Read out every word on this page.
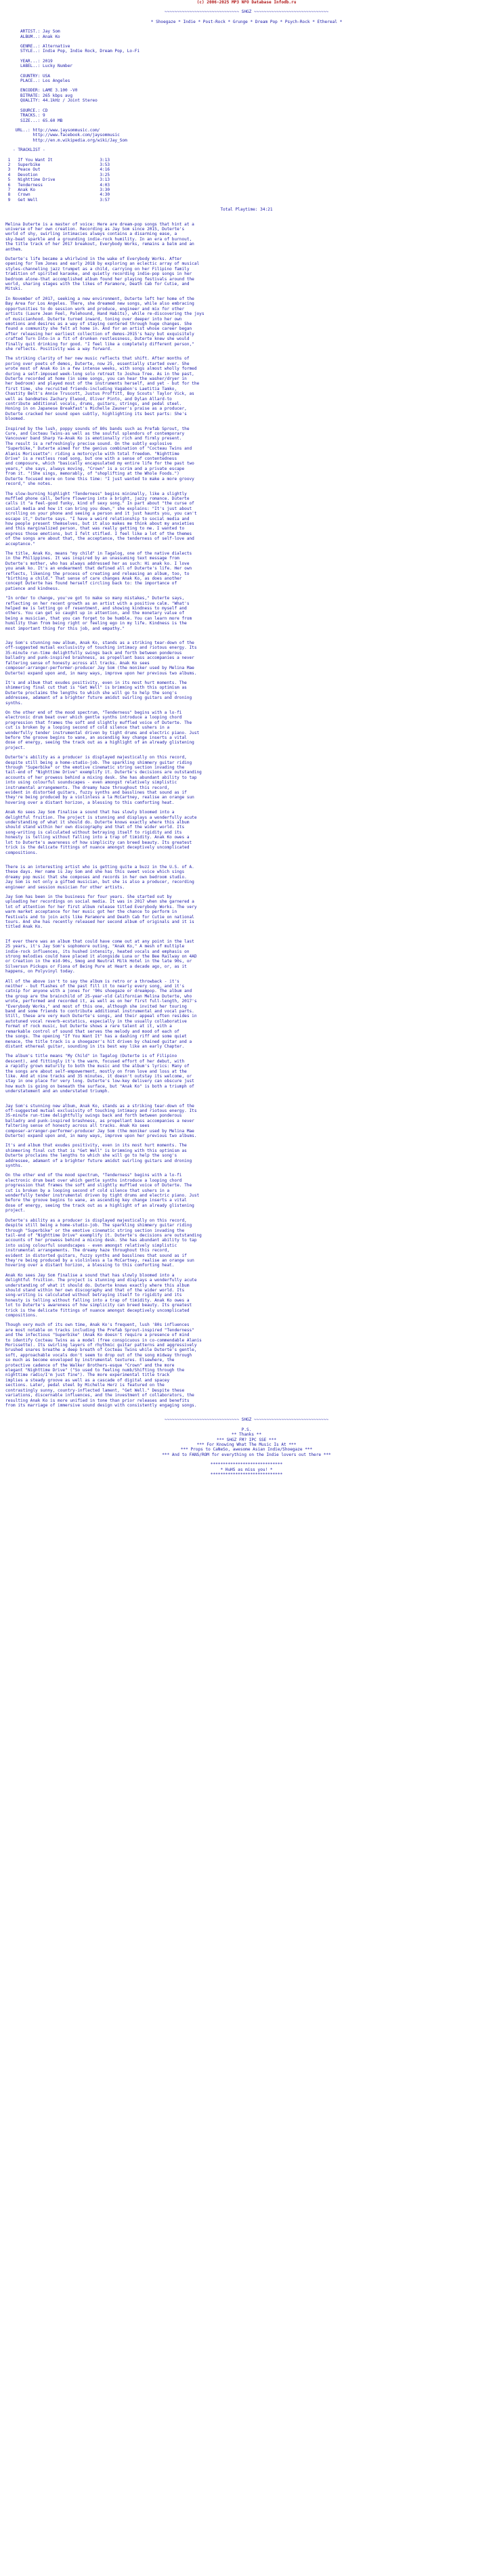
(c) 2006-2025 MP3 NFO Database Infodb.ru
~~~~~~~~~~~~~~~~~~~~~~~~~~~~~~ SHGZ ~~~~~~~~~~~~~~~~~~~~~~~~~~~~~~
* Shoegaze * Indie * Post-Rock * Grunge * Dream Pop * Psych-Rock * Ethereal *
ARTIST.: Jay Som
ALBUM..: Anak Ko
GENRE..: Alternative
STYLE..: Indie Pop, Indie Rock, Dream Pop, Lo-Fi
YEAR...: 2019
LABEL..: Lucky Number
COUNTRY: USA
PLACE..: Los Angeles
ENCODER: LAME 3.100 -V0
BITRATE: 265 kbps avg
QUALITY: 44.1kHz / Joint Stereo
SOURCE.: CD
TRACKS.: 9
SIZE...: 65.60 MB
URL..: http://www.jaysommusic.com/
http://www.facebook.com/jaysommusic
http://en.m.wikipedia.org/wiki/Jay_Som
- TRACKLIST -
1 If You Want It	3:13
2 Superbike	3:53
3 Peace Out	4:16
4 Devotion	3:25
5 Nighttime Drive	3:13
6 Tenderness	4:03
7 Anak Ko	3:30
8 Crown	4:30
9 Get Well	3:57
Total Playtime: 34:21
Melina Duterte is a master of voice: Here are dream-pop songs that hint at a
universe of her own creation. Recording as Jay Som since 2015, Duterte's
world of shy, swirling intimacies always contains a disarming ease, a
sky-beat sparkle and a grounding indie-rock humility. In an era of burnout,
the title track of her 2017 breakout, Everybody Works, remains a balm and an
anthem.
Duterte's life became a whirlwind in the wake of Everybody Works. After
opening for Tom Jones and early 2018 by exploring an eclectic array of musical
styles-channeling jazz trumpet as a child, carrying on her Filipino family
tradition of spirited karaoke, and quietly recording indie-pop songs in her
bedroom alone-that accomplished album found her playing festivals around the
world, sharing stages with the likes of Paramore, Death Cab for Cutie, and
Mitski.
In November of 2017, seeking a new environment, Duterte left her home of the
Bay Area for Los Angeles. There, she dreamed new songs, while also embracing
opportunities to do session work and produce, engineer and mix for other
artists (Laure Jean Feel, Palehound, Hand Habits), while re-discovering the joys
of musicianhood. Duterte turned inward, toning over deeper into her own
emotions and desires as a way of staying centered through huge changes. She
found a community she felt at home in. And for an artist whose career began
after releasing her earliest collection of demos-2015's hazy but exquisitely
crafted Turn Into-in a fit of drunken restlessness, Duterte knew she would
finally quit drinking for good. "I feel like a completely different person,"
she reflects. Positivity was a way forward.
The striking clarity of her new music reflects that shift. After months of
poring over poets of demos, Duterte, now 25, essentially started over. She
wrote most of Anak Ko in a few intense weeks, with songs almost wholly formed
during a self-imposed week-long solo retreat to Joshua Tree. As in the past,
Duterte recorded at home (in some songs, you can hear the washer/dryer in
her bedroom) and played most of the instruments herself, and yet - but for the
first time, she recruited friends-including Vagabon's Laetitia Tamko,
Chastity Belt's Annie Truscott, Justus Proffitt, Boy Scouts' Taylor Vick, as
well as bandmates Zachary Elwood, Oliver Pinto, and Dylan Allard-to
contribute additional vocals, drums, guitars, strings, and pedal steel.
Honing in on Japanese Breakfast's Michelle Zauner's praise as a producer,
Duterte cracked her sound open subtly, highlighting its best parts: She's
bloomed.
Inspired by the lush, poppy sounds of 80s bands such as Prefab Sprout, the
Cure, and Cocteau Twins-as well as the soulful splendors of contemporary
Vancouver band Sharp Ya-Anak Ko is emotionally rich and firmly present.
The result is a refreshingly precise sound. On the subtly explosive
"Superbike," Duterte aimed for the genius combination of "Cocteau Twins and
Alanis Morissette": riding a motorcycle with total freedom. "Nighttime
Drive" is a restless road song, but one with a sense of contentedness
and composure, which "basically encapsulated my entire life for the past two
years," she says, always moving, "Crown" is a scrim and a private escape
from it. "(She sings, memorably, of "shoplifting at the Whole Foods.")
Duterte focused more on tone this time: "I just wanted to make a more groovy
record," she notes.
The slow-burning highlight "Tenderness" begins minimally, like a slightly
muffled phone call, before flowering into a bright, jazzy romance. Duterte
calls it "a feel-good funky, kind of sexy song." In part about "the curse of
social media and how it can bring you down," she explains: "It's just about
scrolling on your phone and seeing a person and it just haunts you, you can't
escape it," Duterte says. "I have a weird relationship to social media and
how people present themselves, but it also makes me think about my anxieties
and this marginalized person, that was really getting to me. I wanted to
express those emotions, but I felt stifled. I feel like a lot of the themes
of the songs are about that, the acceptance, the tenderness of self-love and
acceptance."
The title, Anak Ko, means "my child" in Tagalog, one of the native dialects
in the Philippines. It was inspired by an unassuming text message from
Duterte's mother, who has always addressed her as such: Hi anak ko. I love
you anak ko. It's an endearment that defined all of Duterte's life. Her own
reflects, likening the process of creating and releasing an album, too, to
"birthing a child." That sense of care changes Anak Ko, as does another
concept Duterte has found herself circling back to: the importance of
patience and kindness.
"In order to change, you've got to make so many mistakes," Duterte says,
reflecting on her recent growth as an artist with a positive calm. "What's
helped me is letting go of resentment, and showing kindness to myself and
others. You can get so caught up in attention, and the monetary value of
being a musician, that you can forget to be humble. You can learn more from
humility than from being right or feeling ego in my life. Kindness is the
most important thing for this job, and empathy."
Jay Som's stunning new album, Anak Ko, stands as a striking tear-down of the
off-suggested mutual exclusivity of touching intimacy and riotous energy. Its
35-minute run-time delightfully swings back and forth between ponderous
balladry and punk-inspired brashness, as propellant bass accompanies a never
faltering sense of honesty across all tracks. Anak Ko sees
composer-arranger-performer-producer Jay Som (the moniker used by Melina Mae
Duterte) expand upon and, in many ways, improve upon her previous two albums.
It's and album that exudes positivity, even in its most hurt moments. The
shimmering final cut that is "Get Well" is brimming with this optimism as
Duterte proclaims the lengths to which she will go to help the song's
addressee, adamant of a brighter future amidst swirling guitars and droning
synths.
On the other end of the mood spectrum, "Tenderness" begins with a lo-fi
electronic drum beat over which gentle synths introduce a looping chord
progression that frames the soft and slightly muffled voice of Duterte. The
cut is broken by a looping second of cold silence that ushers in a
wonderfully tender instrumental driven by tight drums and electric piano. Just
before the groove begins to wane, an ascending key change inserts a vital
dose of energy, seeing the track out as a highlight of an already glistening
project.
Duterte's ability as a producer is displayed majestically on this record,
despite still being a home-studio-job. The sparkling shimmery guitar riding
through "Superbike" or the emotive cinematic string section invading the
tail-end of "Nighttime Drive" exemplify it. Duterte's decisions are outstanding
accounts of her prowess behind a mixing desk. She has abundant ability to tap
into using colourful soundscapes - even amongst relatively simplistic
instrumental arrangements. The dreamy haze throughout this record,
evident in distorted guitars, fuzzy synths and basslines that sound as if
they're being produced by a violinless a la McCartney, realise an orange sun
hovering over a distant horizon, a blessing to this comforting heat.
Anak Ko sees Jay Som finalise a sound that has slowly bloomed into a
delightful fruition. The project is stunning and displays a wonderfully acute
understanding of what it should do. Duterte knows exactly where this album
should stand within her own discography and that of the wider world. Its
song-writing is calculated without betraying itself to rigidity and its
honesty is telling without falling into a trap of timidity. Anak Ko owes a
lot to Duterte's awareness of how simplicity can breed beauty. Its greatest
trick is the delicate fittings of nuance amongst deceptively uncomplicated
compositions.
There is an interesting artist who is getting quite a buzz in the U.S. of A.
these days. Her name is Jay Som and she has this sweet voice which sings
dreamy pop music that she composes and records in her own bedroom studio.
Jay Som is not only a gifted musician, but she is also a producer, recording
engineer and session musician for other artists.
Jay Som has been in the business for four years. She started out by
uploading her recordings on social media. It was in 2017 when she garnered a
lot of attention for her first album release titled Everybody Works. The very
warm market acceptance for her music got her the chance to perform in
festivals and to join acts like Paramore and Death Cab for Cutie on national
tours. And she has recently released her second album of originals and it is
titled Anak Ko.
If ever there was an album that could have come out at any point in the last
25 years, it's Jay Som's sophomore outing, "Anak Ko," A mesh of multiple
indie-rock influences, its hushed intensity, heated vocals and emphasis on
strong melodies could have placed it alongside Luna or the Bee Railway on 4AD
or Creation in the mid-90s, Smog and Neutral Milk Hotel in the late 90s, or
Silversun Pickups or Fiona of Being Pure at Heart a decade ago, or, as it
happens, on Polyvinyl today.
All of the above isn't to say the album is retro or a throwback - it's
neither - but flashes of the past fill it to nearly every song, and it's
catnip for anyone with a jones for '90s shoegaze or dreampop. The album and
the group are the brainchild of 25-year-old Californian Melina Duterte, who
wrote, performed and recorded it, as well as on her first full-length, 2017's
"Everybody Works," and most of this one, although she invited her touring
band and some friends to contribute additional instrumental and vocal parts.
Still, these are very much Duterte's songs, and their appeal often resides in
autotuned vocal reverb-ecstatics, especially in the usually collaborative
format of rock music, but Duterte shows a rare talent at it, with a
remarkable control of sound that serves the melody and mood of each of
the songs. The opening "If You Want It" has a dashing riff and some quiet
menace, the title track is a shoegazer's hit driven by chained guitar and a
distant ethereal guitar, sounding in its best way like an early Chapter.
The album's title means "My Child" in Tagalog (Duterte is of Filipino
descent), and fittingly it's the warm, focused effort of her debut, with
a rapidly grown maturity to both the music and the album's lyrics: Many of
the songs are about self-empowerment, mostly on from love and loss at the
like. And at nine tracks and 35 minutes, it doesn't outstay its welcome, or
stay in one place for very long. Duterte's low-key delivery can obscure just
how much is going on beneath the surface, but "Anak Ko" is both a triumph of
understatement and an understated triumph.
Jay Som's stunning new album, Anak Ko, stands as a striking tear-down of the
off-suggested mutual exclusivity of touching intimacy and riotous energy. Its
35-minute run-time delightfully swings back and forth between ponderous
balladry and punk-inspired brashness, as propellant bass accompanies a never
faltering sense of honesty across all tracks. Anak Ko sees
composer-arranger-performer-producer Jay Som (the moniker used by Melina Mae
Duterte) expand upon and, in many ways, improve upon her previous two albums.
It's and album that exudes positivity, even in its most hurt moments. The
shimmering final cut that is "Get Well" is brimming with this optimism as
Duterte proclaims the lengths to which she will go to help the song's
addressee, adamant of a brighter future amidst swirling guitars and droning
synths.
On the other end of the mood spectrum, "Tenderness" begins with a lo-fi
electronic drum beat over which gentle synths introduce a looping chord
progression that frames the soft and slightly muffled voice of Duterte. The
cut is broken by a looping second of cold silence that ushers in a
wonderfully tender instrumental driven by tight drums and electric piano. Just
before the groove begins to wane, an ascending key change inserts a vital
dose of energy, seeing the track out as a highlight of an already glistening
project.
Duterte's ability as a producer is displayed majestically on this record,
despite still being a home-studio-job. The sparkling shimmery guitar riding
through "Superbike" or the emotive cinematic string section invading the
tail-end of "Nighttime Drive" exemplify it. Duterte's decisions are outstanding
accounts of her prowess behind a mixing desk. She has abundant ability to tap
into using colourful soundscapes - even amongst relatively simplistic
instrumental arrangements. The dreamy haze throughout this record,
evident in distorted guitars, fuzzy synths and basslines that sound as if
they're being produced by a violinless a la McCartney, realise an orange sun
hovering over a distant horizon, a blessing to this comforting heat.
Anak Ko sees Jay Som finalise a sound that has slowly bloomed into a
delightful fruition. The project is stunning and displays a wonderfully acute
understanding of what it should do. Duterte knows exactly where this album
should stand within her own discography and that of the wider world. Its
song-writing is calculated without betraying itself to rigidity and its
honesty is telling without falling into a trap of timidity. Anak Ko owes a
lot to Duterte's awareness of how simplicity can breed beauty. Its greatest
trick is the delicate fittings of nuance amongst deceptively uncomplicated
compositions.
Though very much of its own time, Anak Ko's frequent, lush '80s influences
are most notable on tracks including the Prefab Sprout-inspired "Tenderness"
and the infectious "Superbike" (Anak Ko doesn't require a presence of mind
to identify Cocteau Twins as a model (free conspicuous in co-commendable Alanis
Morissette). Its swirling layers of rhythmic guitar patterns and aggressively
brushed snares breathe a deep breath of Cocteau Twins while Duterte's gentle,
soft, approachable vocals don't seem to drop out of the song midway through
so much as become enveloped by instrumental textures. Elsewhere, the
protective cadence of the Walker Brothers-esque "Crown" and the more
elegant "Nighttime Drive" ("So used to feeling numb/Shifting through the
nighttime radio/I'm just fine"). The more experimental title track
implies a steady groove as well as a cascade of digital and spacey
sections. Later, pedal steel by Michelle Herz is featured on the
contrastingly sunny, country-inflected lament, "Get Well." Despite these
variations, discernable influences, and the investment of collaborators, the
resulting Anak Ko is more unified in tone than prior releases and benefits
from its marriage of immersive sound design with consistently engaging songs.
~~~~~~~~~~~~~~~~~~~~~~~~~~~~~~ SHGZ ~~~~~~~~~~~~~~~~~~~~~~~~~~~~~~
P.S.
** Thanks **
*** SHGZ FM? IPC SSE ***
*** For Knowing What The Music Is At ***
*** Props to CaNeSo, awesome Asian Indie/Shoegaze ***
*** And to FANS/ROM for everything on the Indie lovers out there ***
*****************************
* HuHS as miss you! *
*****************************
